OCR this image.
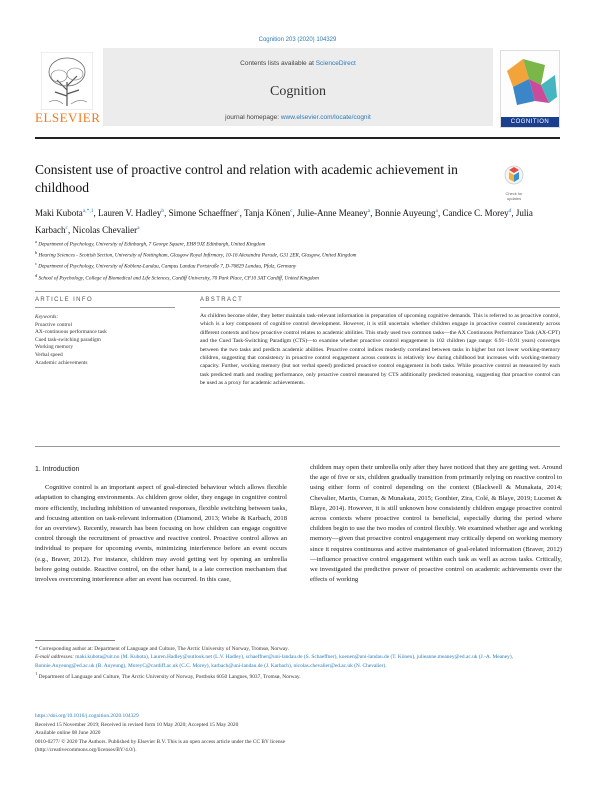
Cognition 203 (2020) 104329
ELSEVIER
Contents lists available at ScienceDirect
Cognition
journal homepage: www.elsevier.com/locate/cognit
COGNITION
Consistent use of proactive control and relation with academic achievement in childhood	Check for updates
Maki Kubota$^{a,*,1}$, Lauren V. Hadley$^b$, Simone Schaeffner$^c$, Tanja Könen$^c$, Julie-Anne Meaney$^a$, Bonnie Auyeung$^a$, Candice C. Morey$^d$, Julia Karbach$^c$, Nicolas Chevalier$^a$
$^a$ Department of Psychology, University of Edinburgh, 7 George Square, EH8 9JZ Edinburgh, United Kingdom
$^b$ Hearing Sciences - Scottish Section, University of Nottingham, Glasgow Royal Infirmary, 10-16 Alexandra Parade, G31 2ER, Glasgow, United Kingdom
$^c$ Department of Psychology, University of Koblenz-Landau, Campus Landau Fortstraße 7, D-76829 Landau, Pfalz, Germany
$^d$ School of Psychology, College of Biomedical and Life Sciences, Cardiff University, 70 Park Place, CF10 3AT Cardiff, United Kingdom
ARTICLE INFO	ABSTRACT
Keywords:
Proactive control
AX-continuous performance task
Cued task-switching paradigm
Working memory
Verbal speed
Academic achievements
As children become older, they better maintain task-relevant information in preparation of upcoming cognitive demands. This is referred to as proactive control, which is a key component of cognitive control development. However, it is still uncertain whether children engage in proactive control consistently across different contexts and how proactive control relates to academic abilities. This study used two common tasks—the AX Continuous Performance Task (AX-CPT) and the Cued Task-Switching Paradigm (CTS)—to examine whether proactive control engagement in 102 children (age range: 6.91–10.91 years) converges between the two tasks and predicts academic abilities. Proactive control indices modestly correlated between tasks in higher but not lower working-memory children, suggesting that consistency in proactive control engagement across contexts is relatively low during childhood but increases with working-memory capacity. Further, working memory (but not verbal speed) predicted proactive control engagement in both tasks. While proactive control as measured by each task predicted math and reading performance, only proactive control measured by CTS additionally predicted reasoning, suggesting that proactive control can be used as a proxy for academic achievements.
1. Introduction

Cognitive control is an important aspect of goal-directed behaviour which allows flexible adaptation to changing environments. As children grow older, they engage in cognitive control more efficiently, including inhibition of unwanted responses, flexible switching between tasks, and focusing attention on task-relevant information (Diamond, 2013; Wiebe & Karbach, 2018 for an overview). Recently, research has been focusing on how children can engage cognitive control through the recruitment of proactive and reactive control. Proactive control allows an individual to prepare for upcoming events, minimizing interference before an event occurs (e.g., Braver, 2012). For instance, children may avoid getting wet by opening an umbrella before going outside. Reactive control, on the other hand, is a late correction mechanism that involves overcoming interference after an event has occurred. In this case,

children may open their umbrella only after they have noticed that they are getting wet. Around the age of five or six, children gradually transition from primarily relying on reactive control to using either form of control depending on the context (Blackwell & Munakata, 2014; Chevalier, Martis, Curran, & Munakata, 2015; Gonthier, Zira, Colé, & Blaye, 2019; Lucenet & Blaye, 2014). However, it is still unknown how consistently children engage proactive control across contexts where proactive control is beneficial, especially during the period where children begin to use the two modes of control flexibly. We examined whether age and working memory—given that proactive control engagement may critically depend on working memory since it requires continuous and active maintenance of goal-related information (Braver, 2012)—influence proactive control engagement within each task as well as across tasks. Critically, we investigated the predictive power of proactive control on academic achievements over the effects of working
* Corresponding author at: Department of Language and Culture, The Arctic University of Norway, Tromsø, Norway.
E-mail addresses: maki.kubota@uit.no (M. Kubota), Lauren.Hadley@outlook.net (L.V. Hadley), schaeffner@uni-landau.de (S. Schaeffner), koenen@uni-landau.de (T. Könen), julieanne.meaney@ed.ac.uk (J.-A. Meaney), Bonnie.Auyeung@ed.ac.uk (B. Auyeung), MoreyC@cardiff.ac.uk (C.C. Morey), karbach@uni-landau.de (J. Karbach), nicolas.chevalier@ed.ac.uk (N. Chevalier).
$^1$ Department of Language and Culture, The Arctic University of Norway, Postboks 6050 Langnes, 9037, Tromsø, Norway.
https://doi.org/10.1016/j.cognition.2020.104329
Received 15 November 2019; Received in revised form 10 May 2020; Accepted 15 May 2020
Available online 08 June 2020
0010-0277/ © 2020 The Authors. Published by Elsevier B.V. This is an open access article under the CC BY license
(http://creativecommons.org/licenses/BY/4.0/).
